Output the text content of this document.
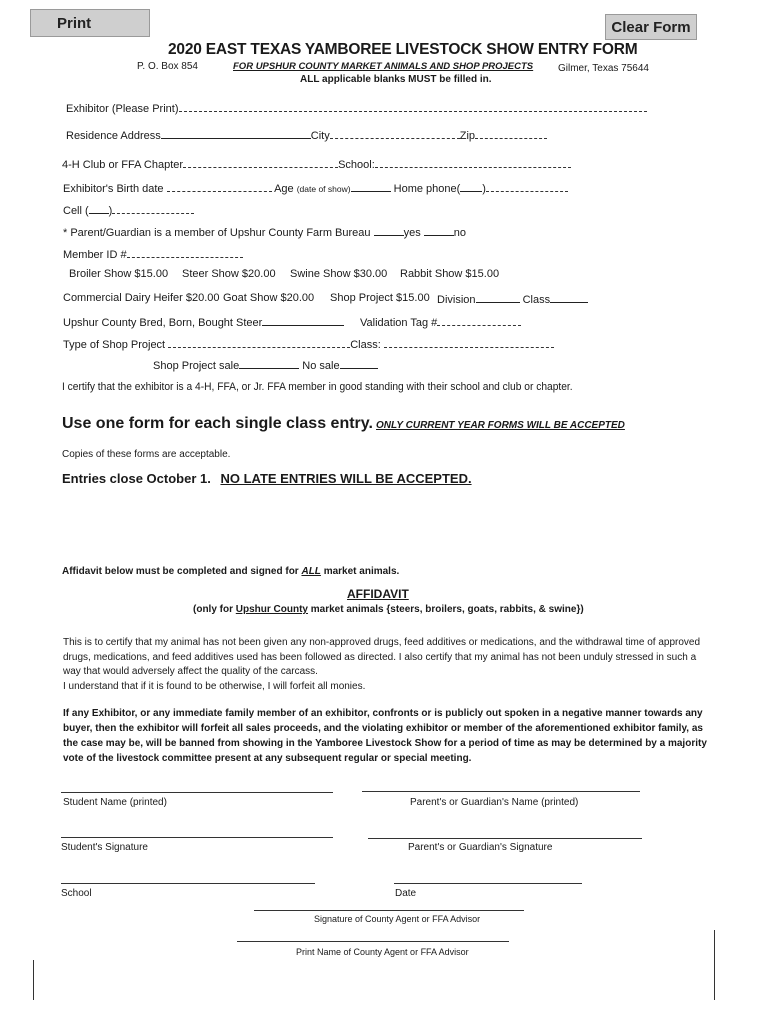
Print	Clear Form
2020 EAST TEXAS YAMBOREE LIVESTOCK SHOW ENTRY FORM
P. O. Box 854	FOR UPSHUR COUNTY MARKET ANIMALS AND SHOP PROJECTS Gilmer, Texas 75644
ALL applicable blanks MUST be filled in.
Exhibitor (Please Print)
Residence Address	City	Zip
4-H Club or FFA Chapter	School:
Exhibitor's Birth date	Age (date of show)	Home phone( )
Cell ( )
* Parent/Guardian is a member of Upshur County Farm Bureau	yes	no
Member ID #
Broiler Show $15.00 Steer Show $20.00 Swine Show $30.00 Rabbit Show $15.00
Commercial Dairy Heifer $20.00 Goat Show $20.00 Shop Project $15.00 Division	Class
Upshur County Bred, Born, Bought Steer	Validation Tag #
Type of Shop Project	Class:
Shop Project sale	No sale
I certify that the exhibitor is a 4-H, FFA, or Jr. FFA member in good standing with their school and club or chapter.
Use one form for each single class entry. ONLY CURRENT YEAR FORMS WILL BE ACCEPTED
Copies of these forms are acceptable.
Entries close October 1. NO LATE ENTRIES WILL BE ACCEPTED.
Affidavit below must be completed and signed for ALL market animals.
AFFIDAVIT
(only for Upshur County market animals {steers, broilers, goats, rabbits, & swine})
This is to certify that my animal has not been given any non-approved drugs, feed additives or medications, and the withdrawal time of approved drugs, medications, and feed additives used has been followed as directed. I also certify that my animal has not been unduly stressed in such a way that would adversely affect the quality of the carcass.
I understand that if it is found to be otherwise, I will forfeit all monies.
If any Exhibitor, or any immediate family member of an exhibitor, confronts or is publicly out spoken in a negative manner towards any buyer, then the exhibitor will forfeit all sales proceeds, and the violating exhibitor or member of the aforementioned exhibitor family, as the case may be, will be banned from showing in the Yamboree Livestock Show for a period of time as may be determined by a majority vote of the livestock committee present at any subsequent regular or special meeting.
Student Name (printed)	Parent's or Guardian's Name (printed)
Student's Signature	Parent's or Guardian's Signature
School	Date
Signature of County Agent or FFA Advisor
Print Name of County Agent or FFA Advisor
